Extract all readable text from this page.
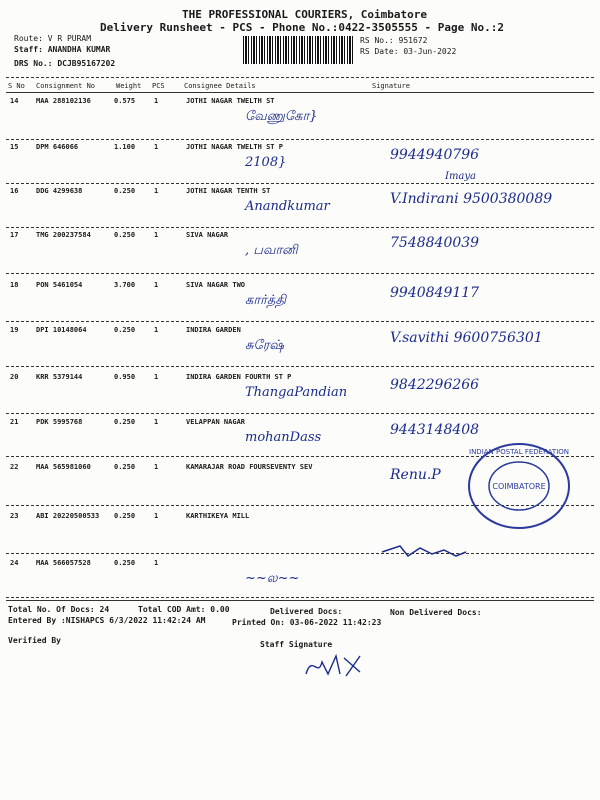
THE PROFESSIONAL COURIERS, Coimbatore
Delivery Runsheet - PCS - Phone No.:0422-3505555 - Page No.:2
Route: V R PURAM
Staff: ANANDHA KUMAR
DRS No.: DCJB95167202
RS No.: 951672
RS Date: 03-Jun-2022
S No Consignment No	Weight PCS	Consignee Details	Signature
14	MAA 288102136	0.575	1	JOTHI NAGAR TWELTH ST
வேணுகோ}
15	DPM 646066	1.100	1	JOTHI NAGAR TWELTH ST P
2108}	9944940796
16	DDG 4299638	0.250	1	JOTHI NAGAR TENTH ST
Anandkumar	V.Indirani 9500380089
17	TMG 200237584	0.250	1	SIVA NAGAR
, பவானி	7548840039
18	PON 5461054	3.700	1	SIVA NAGAR TWO
கார்த்தி	9940849117
19	DPI 10148064	0.250	1	INDIRA GARDEN
சுரேஷ்	V.savithi 9600756301
20	KRR 5379144	0.950	1	INDIRA GARDEN FOURTH ST P
ThangaPandian	9842296266
21	PDK 5995768	0.250	1	VELAPPAN NAGAR
mohanDass	9443148408
22	MAA 565981060	0.250	1	KAMARAJAR ROAD FOURSEVENTY SEV	Renu.P
23	ABI 20220500533 0.250	1	KARTHIKEYA MILL
24	MAA 566057528	0.250	1
~~ல~~
Imaya
COIMBATORE
INDIAN POSTAL FEDERATION
Total No. Of Docs: 24	Total COD Amt: 0.00	Delivered Docs:	Non Delivered Docs:
Entered By :NISHAPCS 6/3/2022 11:42:24 AM	Printed On: 03-06-2022 11:42:23
Verified By	Staff Signature
